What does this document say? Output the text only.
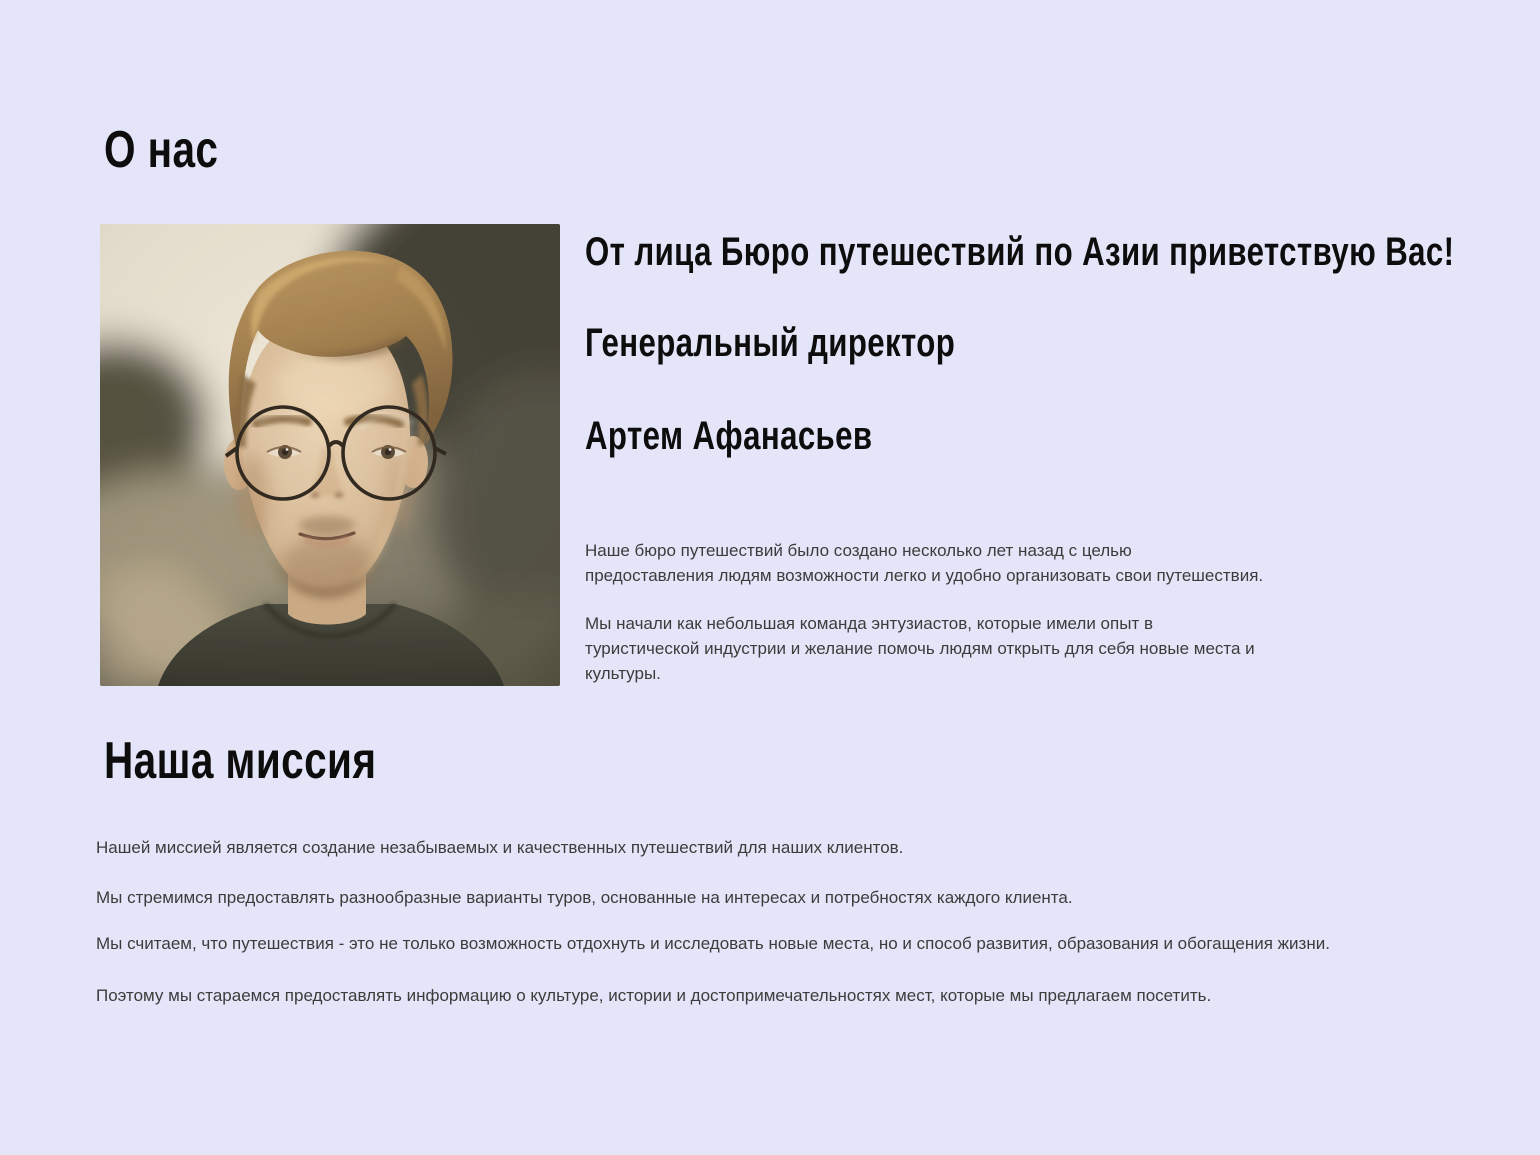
О нас
От лица Бюро путешествий по Азии приветствую Вас!
Генеральный директор
Артем Афанасьев

Наше бюро путешествий было создано несколько лет назад с целью предоставления людям возможности легко и удобно организовать свои путешествия.

Мы начали как небольшая команда энтузиастов, которые имели опыт в туристической индустрии и желание помочь людям открыть для себя новые места и культуры.

Наша миссия

Нашей миссией является создание незабываемых и качественных путешествий для наших клиентов.

Мы стремимся предоставлять разнообразные варианты туров, основанные на интересах и потребностях каждого клиента.

Мы считаем, что путешествия - это не только возможность отдохнуть и исследовать новые места, но и способ развития, образования и обогащения жизни.

Поэтому мы стараемся предоставлять информацию о культуре, истории и достопримечательностях мест, которые мы предлагаем посетить.
